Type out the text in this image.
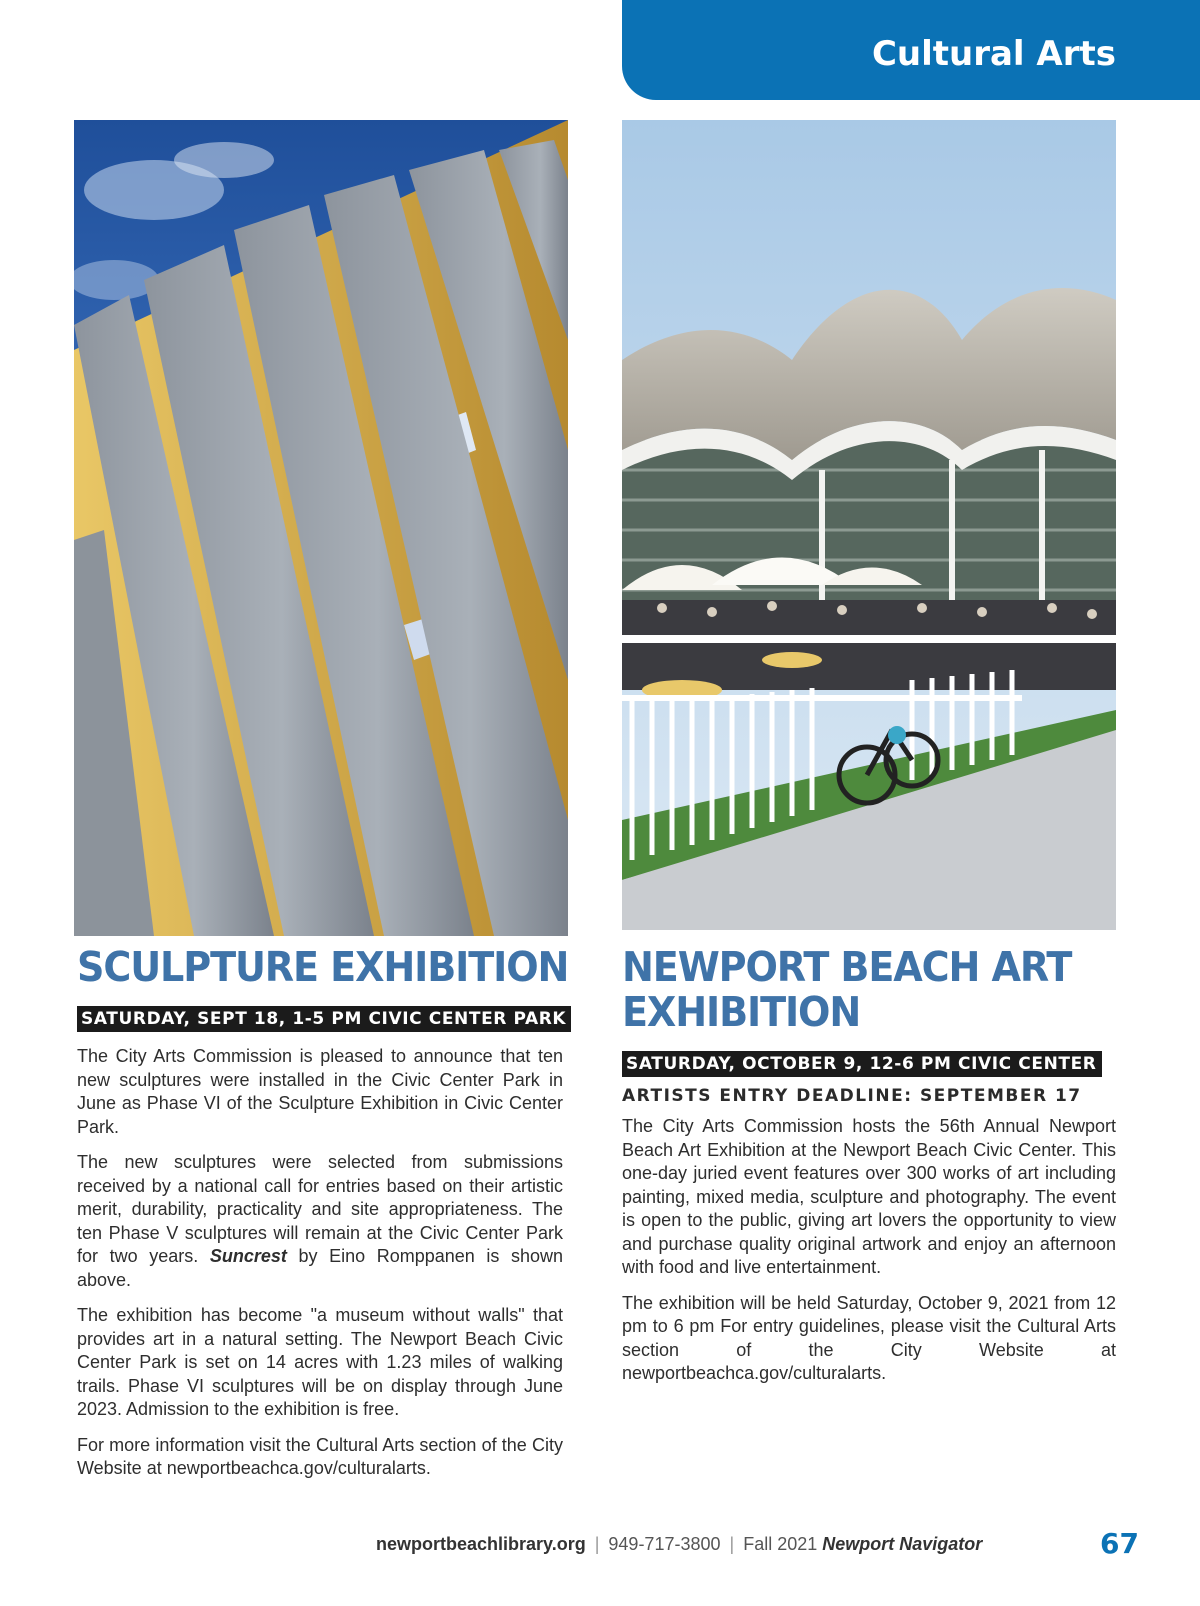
Cultural Arts
SCULPTURE EXHIBITION
SATURDAY, SEPT 18, 1-5 PM CIVIC CENTER PARK

The City Arts Commission is pleased to announce that ten new sculptures were installed in the Civic Center Park in June as Phase VI of the Sculpture Exhibition in Civic Center Park.

The new sculptures were selected from submissions received by a national call for entries based on their artistic merit, durability, practicality and site appropriateness. The ten Phase V sculptures will remain at the Civic Center Park for two years. Suncrest by Eino Romppanen is shown above.

The exhibition has become "a museum without walls" that provides art in a natural setting. The Newport Beach Civic Center Park is set on 14 acres with 1.23 miles of walking trails. Phase VI sculptures will be on display through June 2023. Admission to the exhibition is free.

For more information visit the Cultural Arts section of the City Website at newportbeachca.gov/culturalarts.

NEWPORT BEACH ART
EXHIBITION
SATURDAY, OCTOBER 9, 12-6 PM CIVIC CENTER
ARTISTS ENTRY DEADLINE: SEPTEMBER 17

The City Arts Commission hosts the 56th Annual Newport Beach Art Exhibition at the Newport Beach Civic Center. This one-day juried event features over 300 works of art including painting, mixed media, sculpture and photography. The event is open to the public, giving art lovers the opportunity to view and purchase quality original artwork and enjoy an afternoon with food and live entertainment.

The exhibition will be held Saturday, October 9, 2021 from 12 pm to 6 pm For entry guidelines, please visit the Cultural Arts section of the City Website at newportbeachca.gov/culturalarts.

newportbeachlibrary.org | 949-717-3800 | Fall 2021 Newport Navigator	67
